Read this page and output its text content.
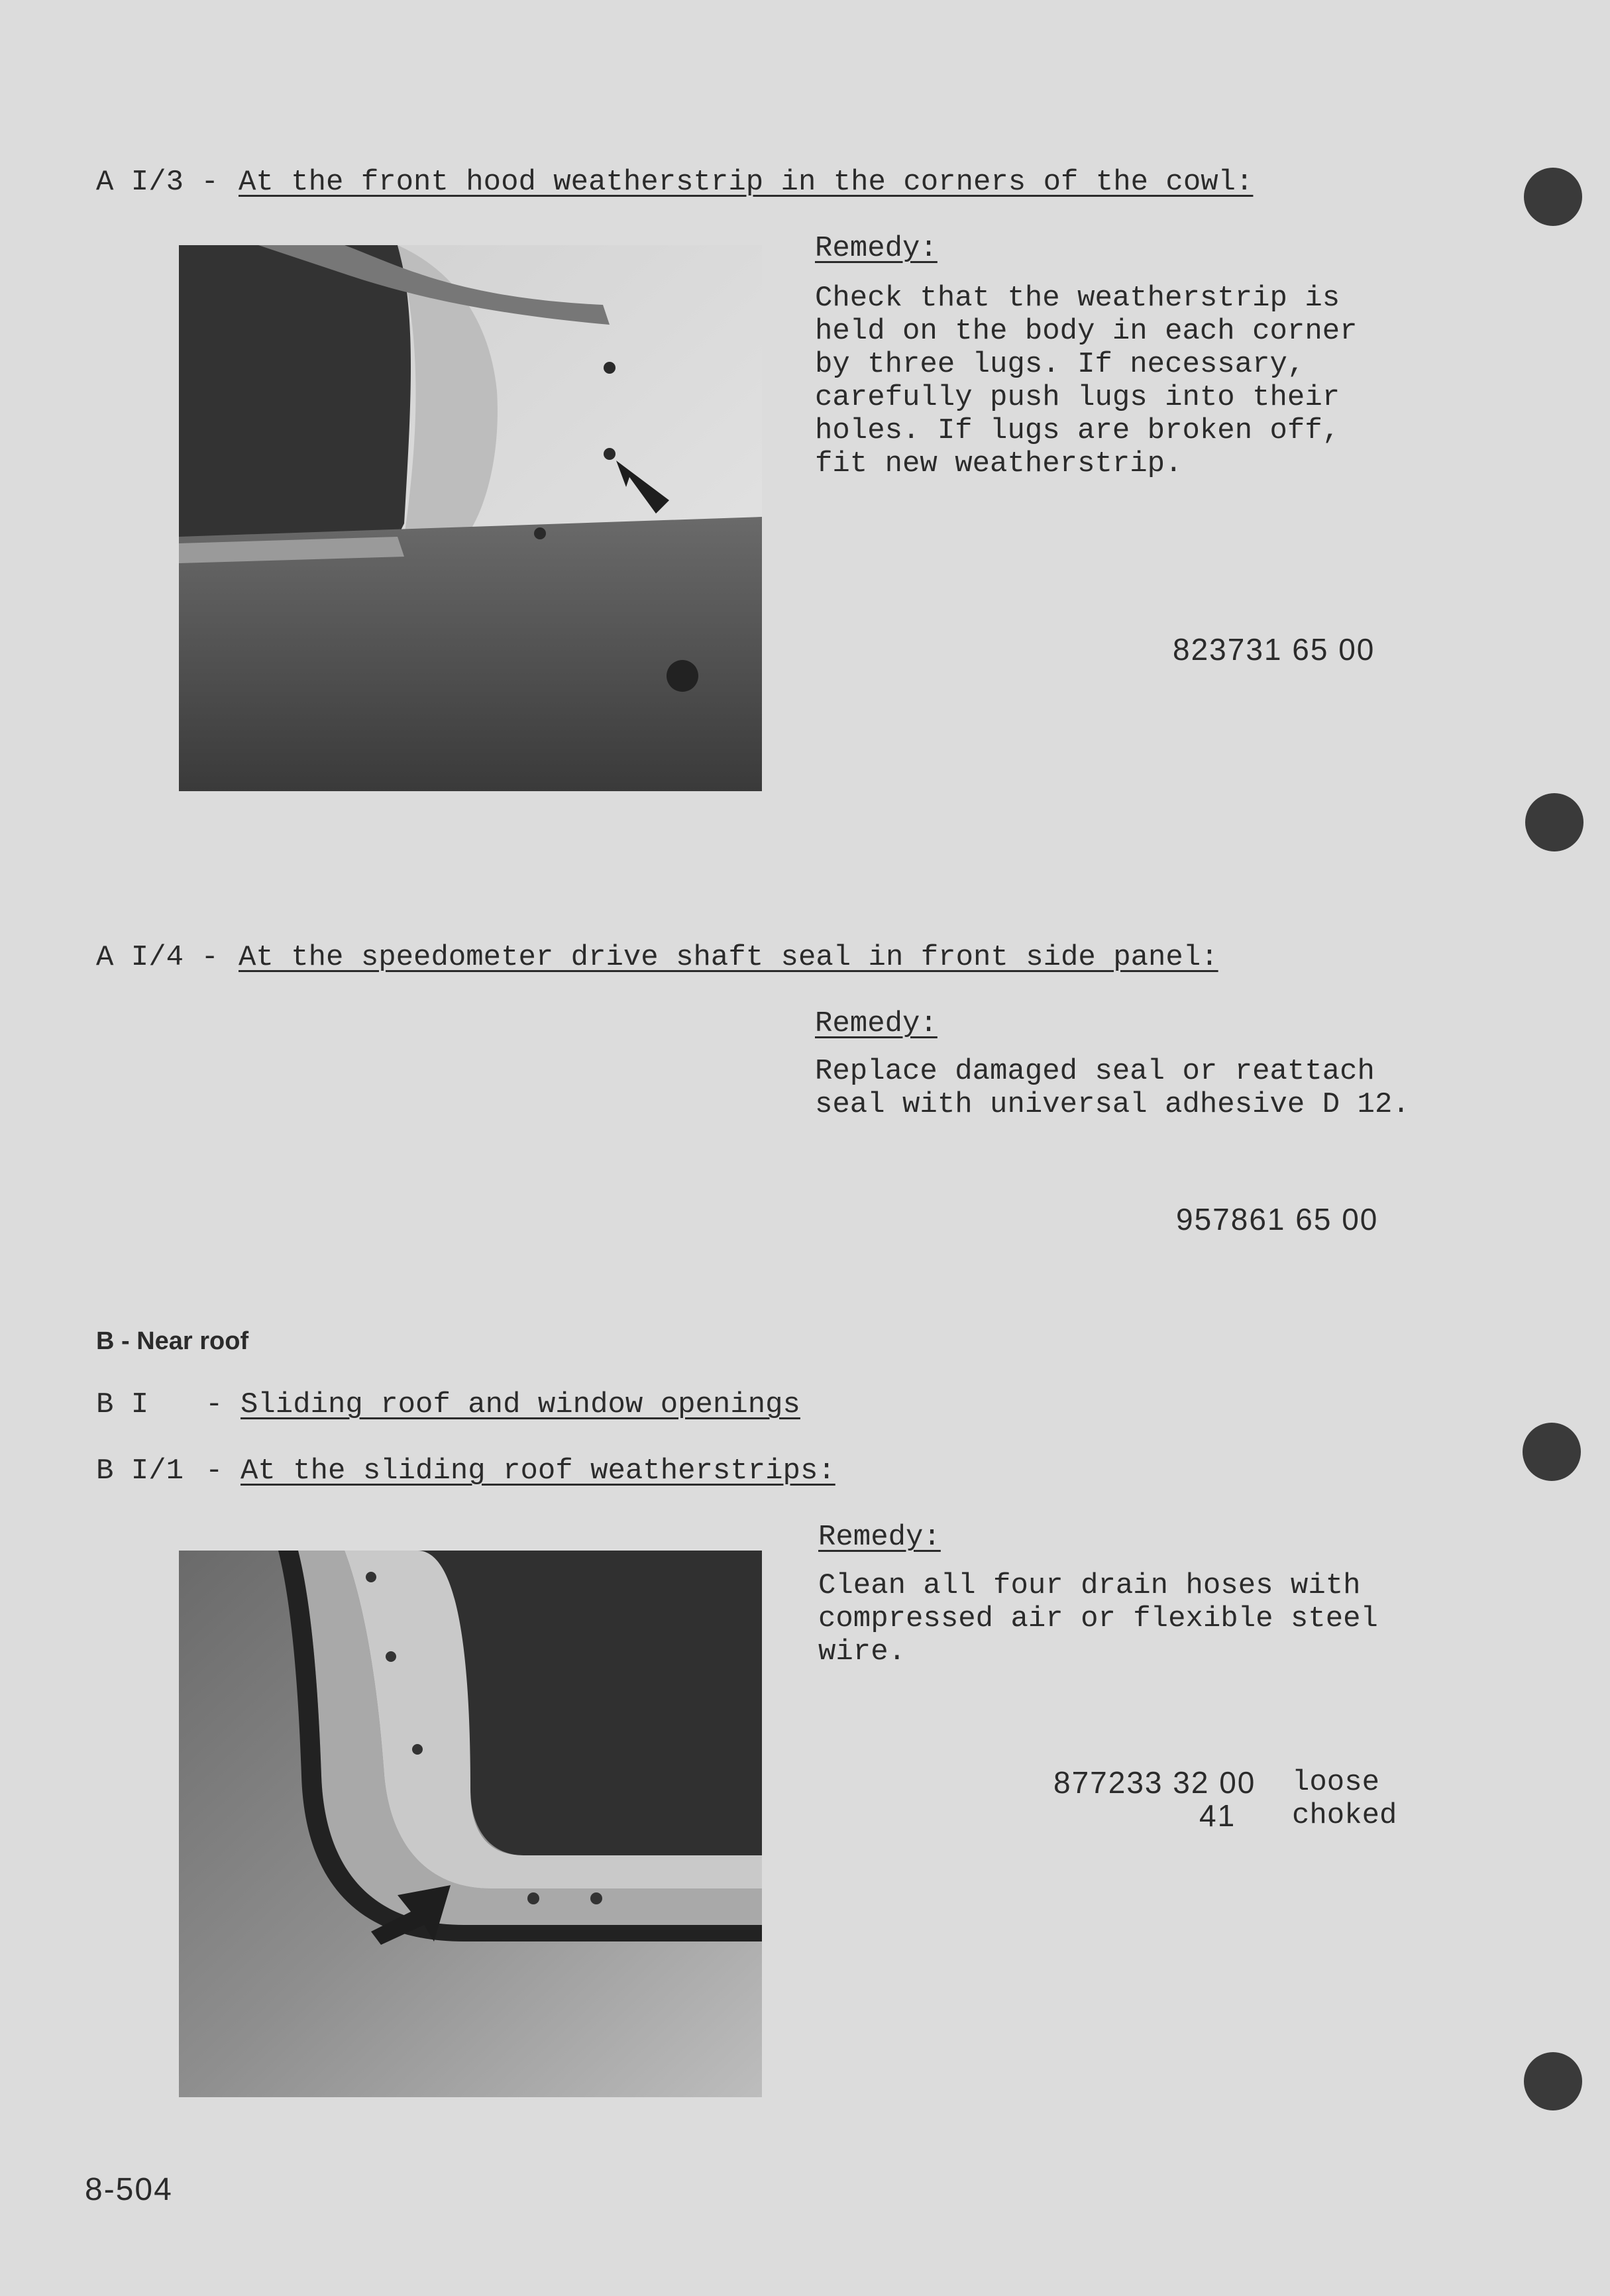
A I/3 - At the front hood weatherstrip in the corners of the cowl:
Remedy:
Check that the weatherstrip is
held on the body in each corner
by three lugs. If necessary,
carefully push lugs into their
holes. If lugs are broken off,
fit new weatherstrip.
823731 65 00
A I/4 - At the speedometer drive shaft seal in front side panel:
Remedy:
Replace damaged seal or reattach
seal with universal adhesive D 12.
957861 65 00
B - Near roof
B I - Sliding roof and window openings
B I/1 - At the sliding roof weatherstrips:
Remedy:
Clean all four drain hoses with
compressed air or flexible steel
wire.
877233 32 00 loose
41 choked
8-504
